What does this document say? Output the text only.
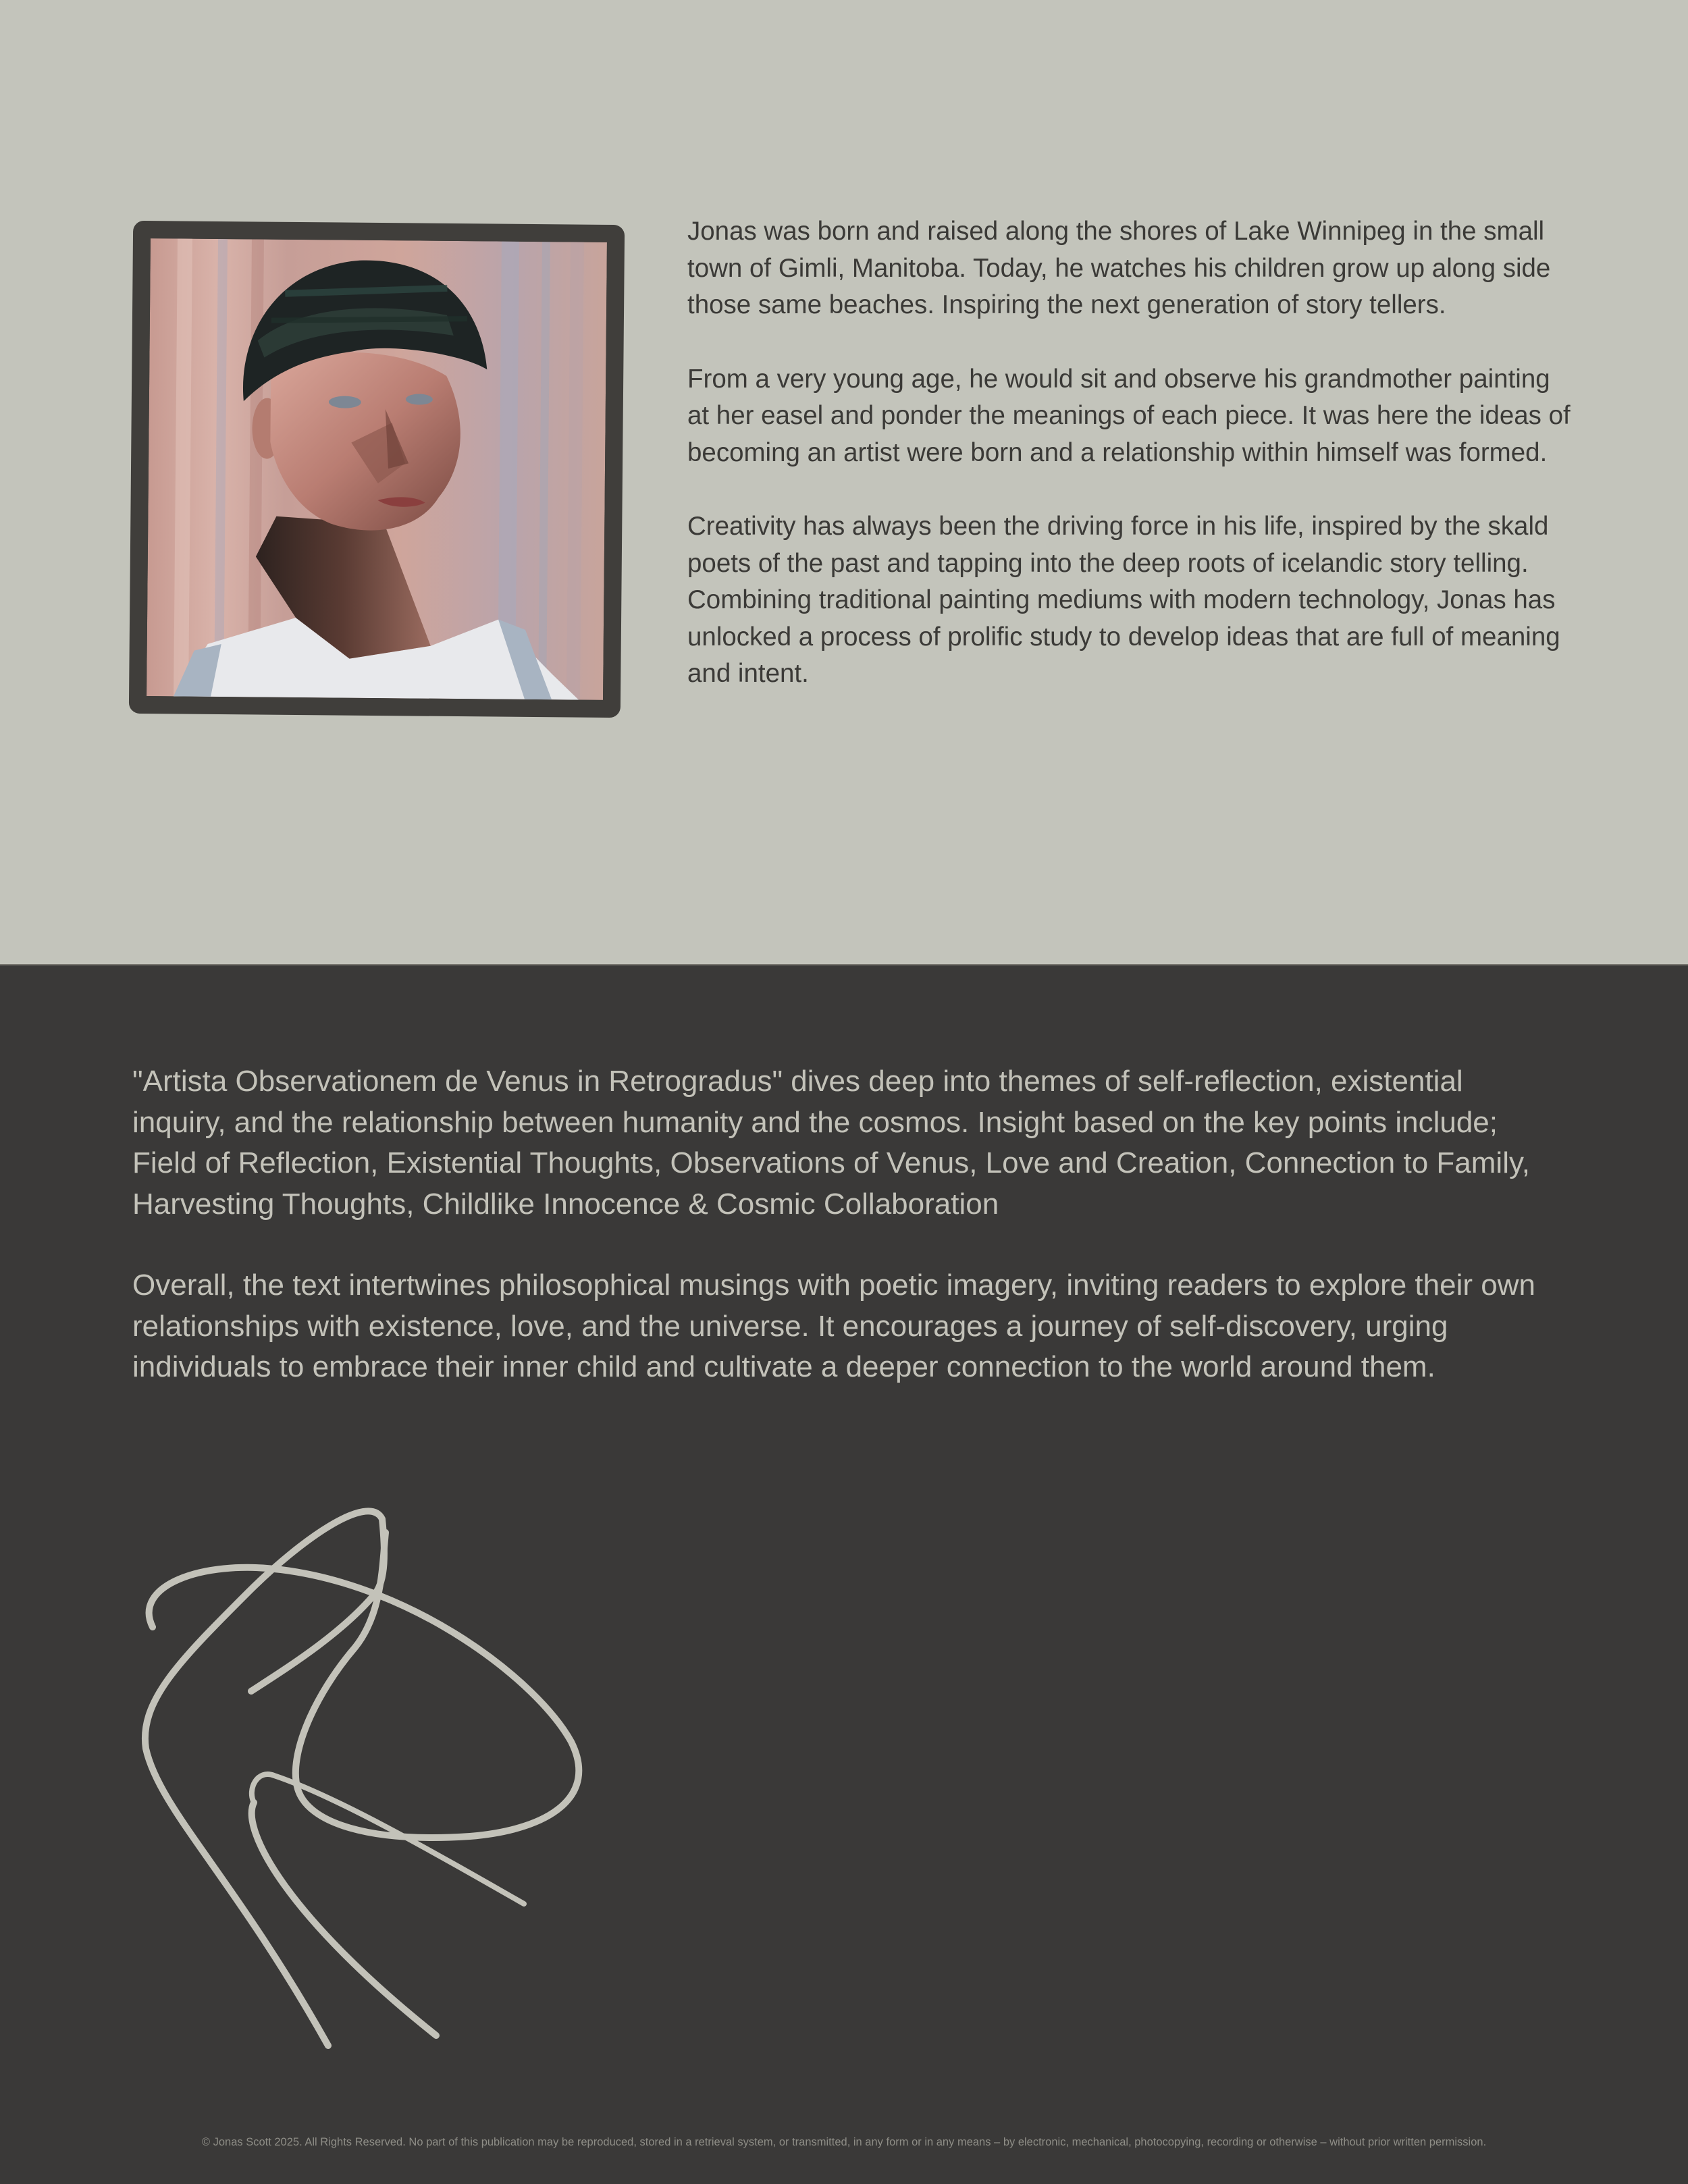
Jonas was born and raised along the shores of Lake Winnipeg in the small town of Gimli, Manitoba. Today, he watches his children grow up along side those same beaches. Inspiring the next generation of story tellers.

From a very young age, he would sit and observe his grandmother painting at her easel and ponder the meanings of each piece. It was here the ideas of becoming an artist were born and a relationship within himself was formed.

Creativity has always been the driving force in his life, inspired by the skald poets of the past and tapping into the deep roots of icelandic story telling. Combining traditional painting mediums with modern technology, Jonas has unlocked a process of prolific study to develop ideas that are full of meaning and intent.

"Artista Observationem de Venus in Retrogradus" dives deep into themes of self-reflection, existential inquiry, and the relationship between humanity and the cosmos. Insight based on the key points include; Field of Reflection, Existential Thoughts, Observations of Venus, Love and Creation, Connection to Family, Harvesting Thoughts, Childlike Innocence & Cosmic Collaboration

Overall, the text intertwines philosophical musings with poetic imagery, inviting readers to explore their own relationships with existence, love, and the universe. It encourages a journey of self-discovery, urging individuals to embrace their inner child and cultivate a deeper connection to the world around them.

© Jonas Scott 2025. All Rights Reserved. No part of this publication may be reproduced, stored in a retrieval system, or transmitted, in any form or in any means – by electronic, mechanical, photocopying, recording or otherwise – without prior written permission.
